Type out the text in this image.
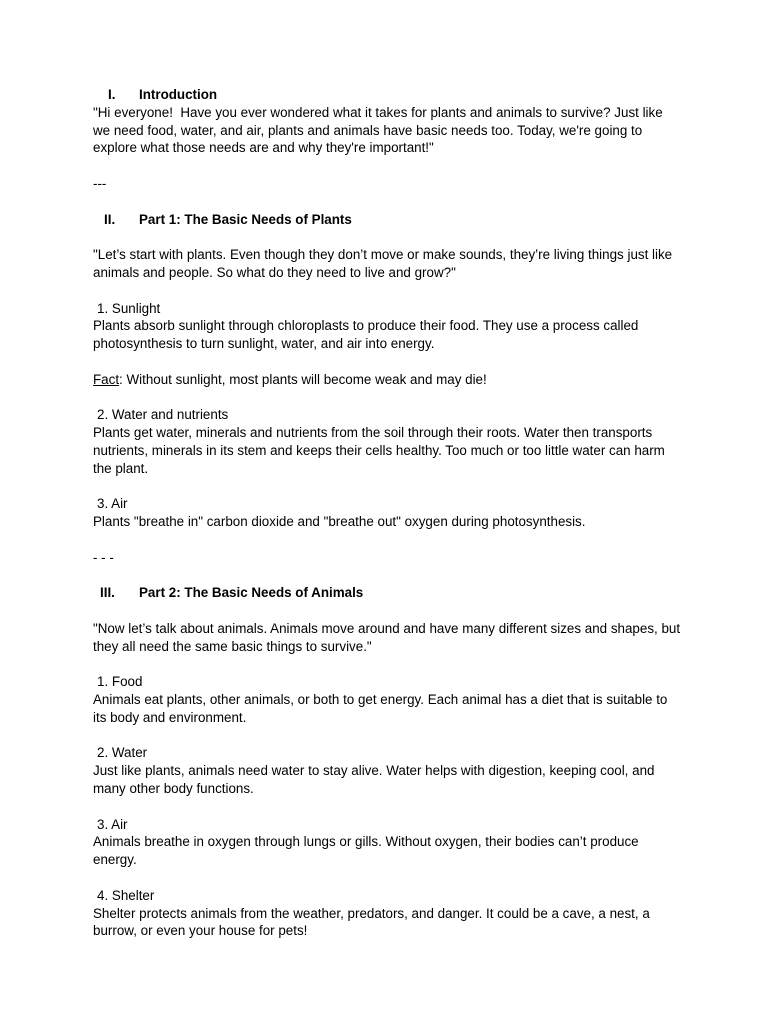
I. Introduction

"Hi everyone!  Have you ever wondered what it takes for plants and animals to survive? Just like we need food, water, and air, plants and animals have basic needs too. Today, we're going to explore what those needs are and why they're important!"

---

II. Part 1: The Basic Needs of Plants

"Let’s start with plants. Even though they don’t move or make sounds, they’re living things just like animals and people. So what do they need to live and grow?"

1. Sunlight

Plants absorb sunlight through chloroplasts to produce their food. They use a process called photosynthesis to turn sunlight, water, and air into energy.

Fact: Without sunlight, most plants will become weak and may die!

2. Water and nutrients

Plants get water, minerals and nutrients from the soil through their roots. Water then transports nutrients, minerals in its stem and keeps their cells healthy. Too much or too little water can harm the plant.

3. Air

Plants "breathe in" carbon dioxide and "breathe out" oxygen during photosynthesis.

- - -

III. Part 2: The Basic Needs of Animals

"Now let’s talk about animals. Animals move around and have many different sizes and shapes, but they all need the same basic things to survive."

1. Food

Animals eat plants, other animals, or both to get energy. Each animal has a diet that is suitable to its body and environment.

2. Water

Just like plants, animals need water to stay alive. Water helps with digestion, keeping cool, and many other body functions.

3. Air

Animals breathe in oxygen through lungs or gills. Without oxygen, their bodies can’t produce energy.

4. Shelter

Shelter protects animals from the weather, predators, and danger. It could be a cave, a nest, a burrow, or even your house for pets!
